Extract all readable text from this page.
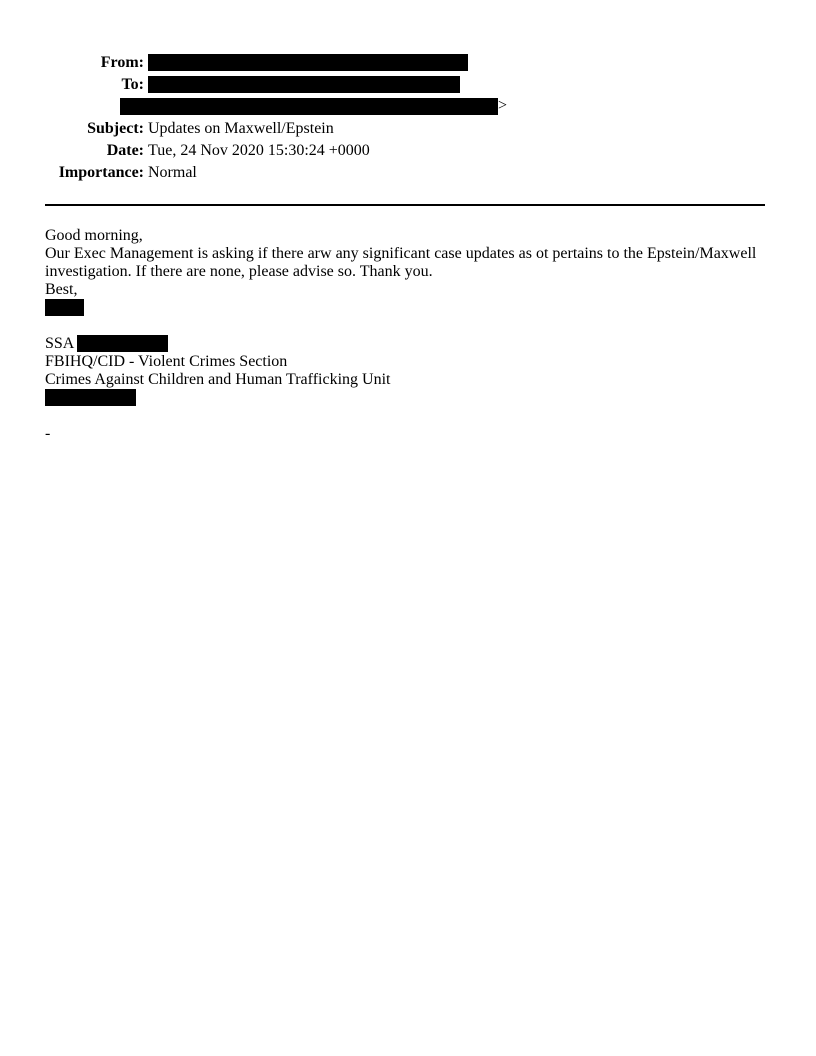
From:
To:
>
Subject: Updates on Maxwell/Epstein
Date: Tue, 24 Nov 2020 15:30:24 +0000
Importance: Normal
Good morning,
Our Exec Management is asking if there arw any significant case updates as ot pertains to the Epstein/Maxwell investigation. If there are none, please advise so. Thank you.
Best,
SSA
FBIHQ/CID - Violent Crimes Section
Crimes Against Children and Human Trafficking Unit
-
